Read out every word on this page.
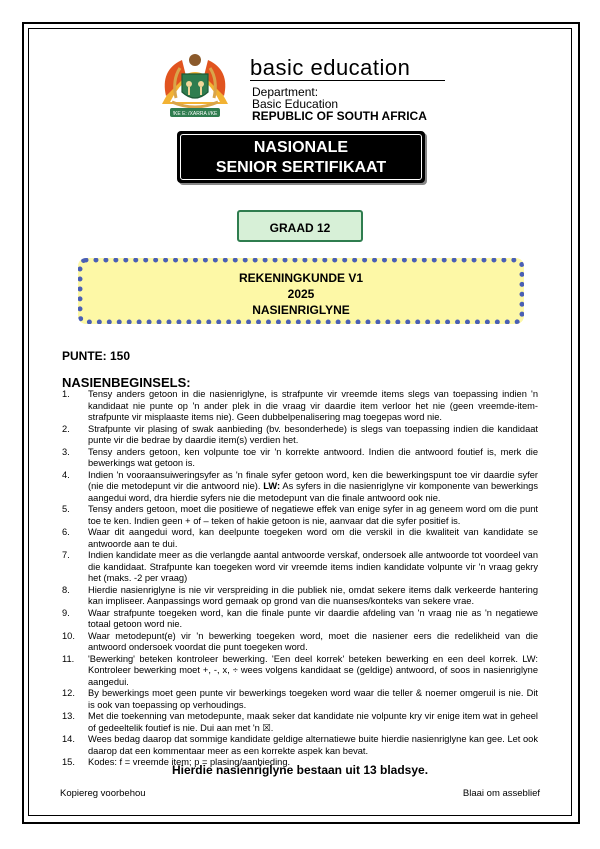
!KE E: /XARRA //KE
basic education
Department:
Basic Education
REPUBLIC OF SOUTH AFRICA
NASIONALE
SENIOR SERTIFIKAAT
GRAAD 12
REKENINGKUNDE V1
2025
NASIENRIGLYNE
PUNTE: 150
NASIENBEGINSELS:
1.	Tensy anders getoon in die nasienriglyne, is strafpunte vir vreemde items slegs van toepassing indien 'n kandidaat nie punte op 'n ander plek in die vraag vir daardie item verloor het nie (geen vreemde-item-strafpunte vir misplaaste items nie). Geen dubbelpenalisering mag toegepas word nie.
2.	Strafpunte vir plasing of swak aanbieding (bv. besonderhede) is slegs van toepassing indien die kandidaat punte vir die bedrae by daardie item(s) verdien het.
3.	Tensy anders getoon, ken volpunte toe vir 'n korrekte antwoord. Indien die antwoord foutief is, merk die bewerkings wat getoon is.
4.	Indien 'n vooraansuiweringsyfer as 'n finale syfer getoon word, ken die bewerkingspunt toe vir daardie syfer (nie die metodepunt vir die antwoord nie). LW: As syfers in die nasienriglyne vir komponente van bewerkings aangedui word, dra hierdie syfers nie die metodepunt van die finale antwoord ook nie.
5.	Tensy anders getoon, moet die positiewe of negatiewe effek van enige syfer in ag geneem word om die punt toe te ken. Indien geen + of – teken of hakie getoon is nie, aanvaar dat die syfer positief is.
6.	Waar dit aangedui word, kan deelpunte toegeken word om die verskil in die kwaliteit van kandidate se antwoorde aan te dui.
7.	Indien kandidate meer as die verlangde aantal antwoorde verskaf, ondersoek alle antwoorde tot voordeel van die kandidaat. Strafpunte kan toegeken word vir vreemde items indien kandidate volpunte vir 'n vraag gekry het (maks. -2 per vraag)
8.	Hierdie nasienriglyne is nie vir verspreiding in die publiek nie, omdat sekere items dalk verkeerde hantering kan impliseer. Aanpassings word gemaak op grond van die nuanses/konteks van sekere vrae.
9.	Waar strafpunte toegeken word, kan die finale punte vir daardie afdeling van 'n vraag nie as 'n negatiewe totaal getoon word nie.
10.	Waar metodepunt(e) vir 'n bewerking toegeken word, moet die nasiener eers die redelikheid van die antwoord ondersoek voordat die punt toegeken word.
11.	'Bewerking' beteken kontroleer bewerking. 'Een deel korrek' beteken bewerking en een deel korrek. LW: Kontroleer bewerking moet +, -, x, ÷ wees volgens kandidaat se (geldige) antwoord, of soos in nasienriglyne aangedui.
12.	By bewerkings moet geen punte vir bewerkings toegeken word waar die teller & noemer omgeruil is nie. Dit is ook van toepassing op verhoudings.
13.	Met die toekenning van metodepunte, maak seker dat kandidate nie volpunte kry vir enige item wat in geheel of gedeeltelik foutief is nie. Dui aan met 'n ☒.
14.	Wees bedag daarop dat sommige kandidate geldige alternatiewe buite hierdie nasienriglyne kan gee. Let ook daarop dat een kommentaar meer as een korrekte aspek kan bevat.
15.	Kodes: f = vreemde item; p = plasing/aanbieding.
Hierdie nasienriglyne bestaan uit 13 bladsye.
Kopiereg voorbehou	Blaai om asseblief
